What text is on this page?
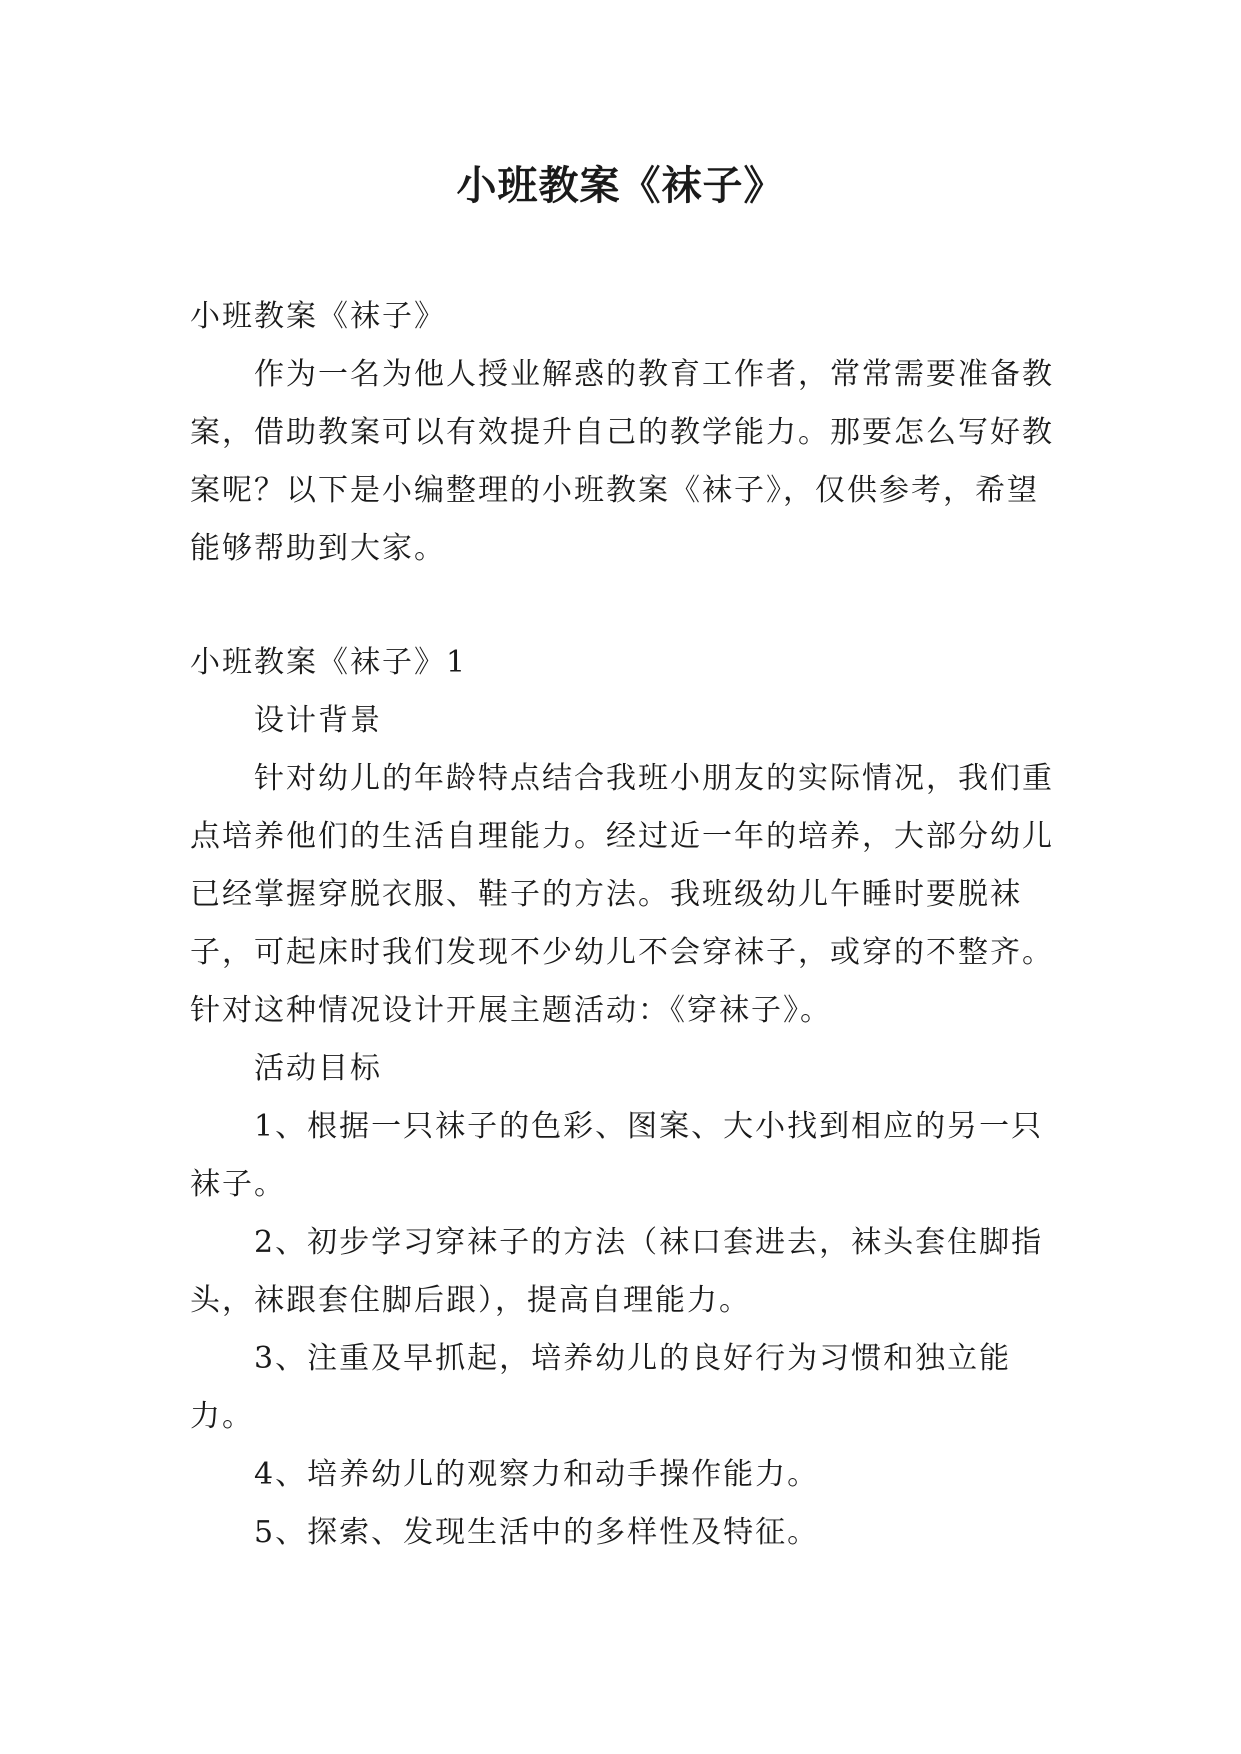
小班教案《袜子》

小班教案《袜子》

作为一名为他人授业解惑的教育工作者，常常需要准备教案，借助教案可以有效提升自己的教学能力。那要怎么写好教案呢？以下是小编整理的小班教案《袜子》，仅供参考，希望能够帮助到大家。

小班教案《袜子》1

设计背景

针对幼儿的年龄特点结合我班小朋友的实际情况，我们重点培养他们的生活自理能力。经过近一年的培养，大部分幼儿已经掌握穿脱衣服、鞋子的方法。我班级幼儿午睡时要脱袜子，可起床时我们发现不少幼儿不会穿袜子，或穿的不整齐。针对这种情况设计开展主题活动：《穿袜子》。

活动目标

1、根据一只袜子的色彩、图案、大小找到相应的另一只袜子。

2、初步学习穿袜子的方法（袜口套进去，袜头套住脚指头，袜跟套住脚后跟），提高自理能力。

3、注重及早抓起，培养幼儿的良好行为习惯和独立能力。

4、培养幼儿的观察力和动手操作能力。

5、探索、发现生活中的多样性及特征。
